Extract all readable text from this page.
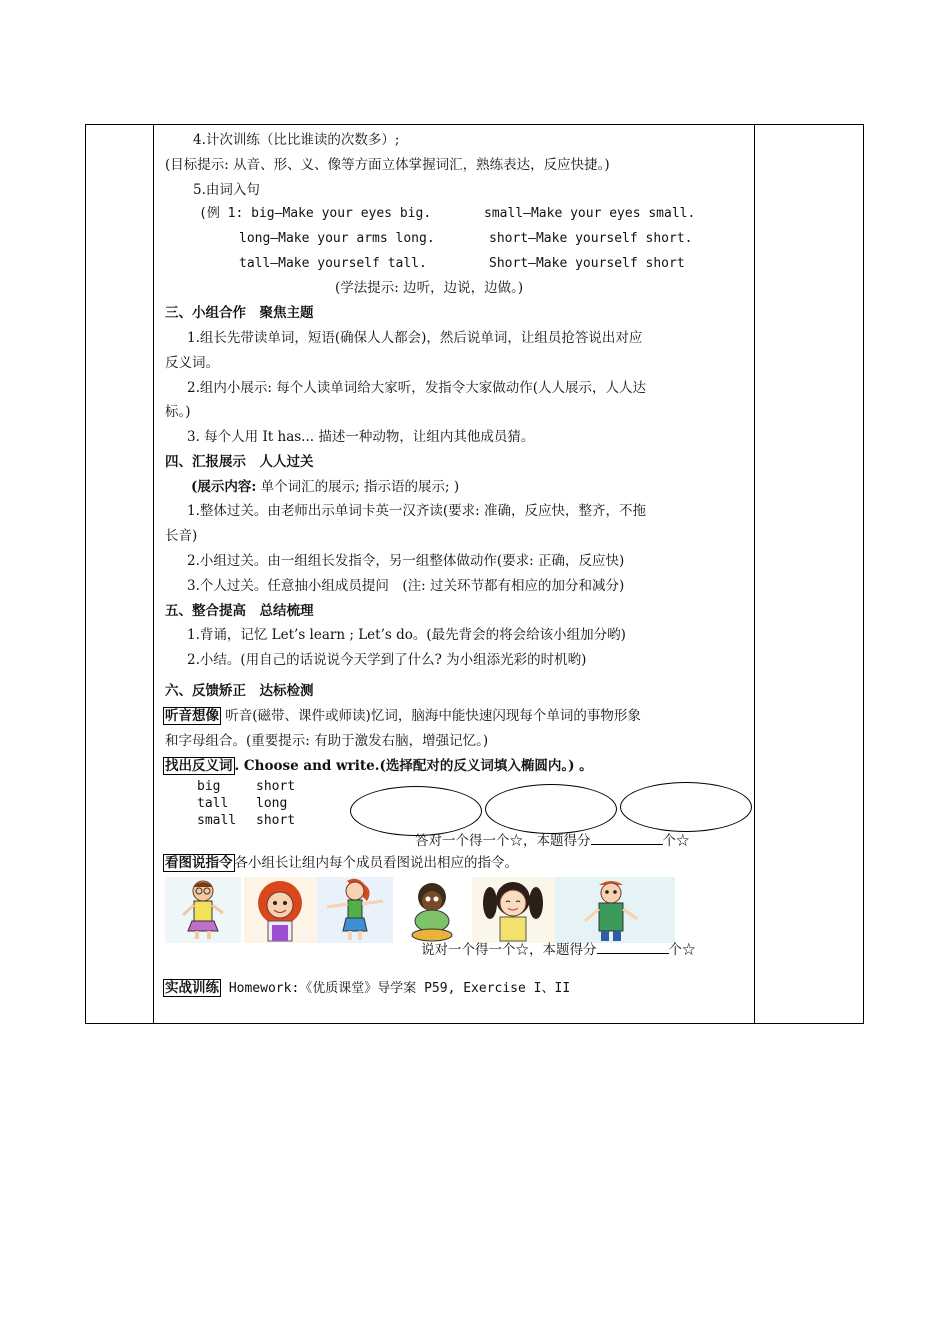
4.计次训练（比比谁读的次数多）;
(目标提示: 从音、形、义、像等方面立体掌握词汇，熟练表达，反应快捷。)
5.由词入句
(例 1: big—Make your eyes big.	small—Make your eyes small.
long—Make your arms long.	short—Make yourself short.
tall—Make yourself tall.	Short—Make yourself short
(学法提示: 边听，边说，边做。)
三、小组合作　聚焦主题
1.组长先带读单词，短语(确保人人都会)，然后说单词，让组员抢答说出对应
反义词。
2.组内小展示: 每个人读单词给大家听，发指令大家做动作(人人展示，人人达
标。)
3. 每个人用 It has... 描述一种动物，让组内其他成员猜。
四、汇报展示　人人过关
(展示内容: 单个词汇的展示; 指示语的展示; )
1.整体过关。由老师出示单词卡英一汉齐读(要求: 准确，反应快，整齐，不拖
长音)
2.小组过关。由一组组长发指令，另一组整体做动作(要求: 正确，反应快)
3.个人过关。任意抽小组成员提问　(注: 过关环节都有相应的加分和减分)
五、整合提高　总结梳理
1.背诵，记忆 Let’s learn ; Let’s do。(最先背会的将会给该小组加分哟)
2.小结。(用自己的话说说今天学到了什么? 为小组添光彩的时机哟)
六、反馈矫正　达标检测
听音想像 听音(磁带、课件或师读)忆词，脑海中能快速闪现每个单词的事物形象
和字母组合。(重要提示: 有助于激发右脑，增强记忆。)
找出反义词 . Choose and write.(选择配对的反义词填入椭圆内。) 。
big	short
tall long
small short
答对一个得一个☆，本题得分	个☆
看图说指令 各小组长让组内每个成员看图说出相应的指令。
说对一个得一个☆，本题得分	个☆
实战训练 Homework:《优质课堂》导学案 P59, Exercise I、II
